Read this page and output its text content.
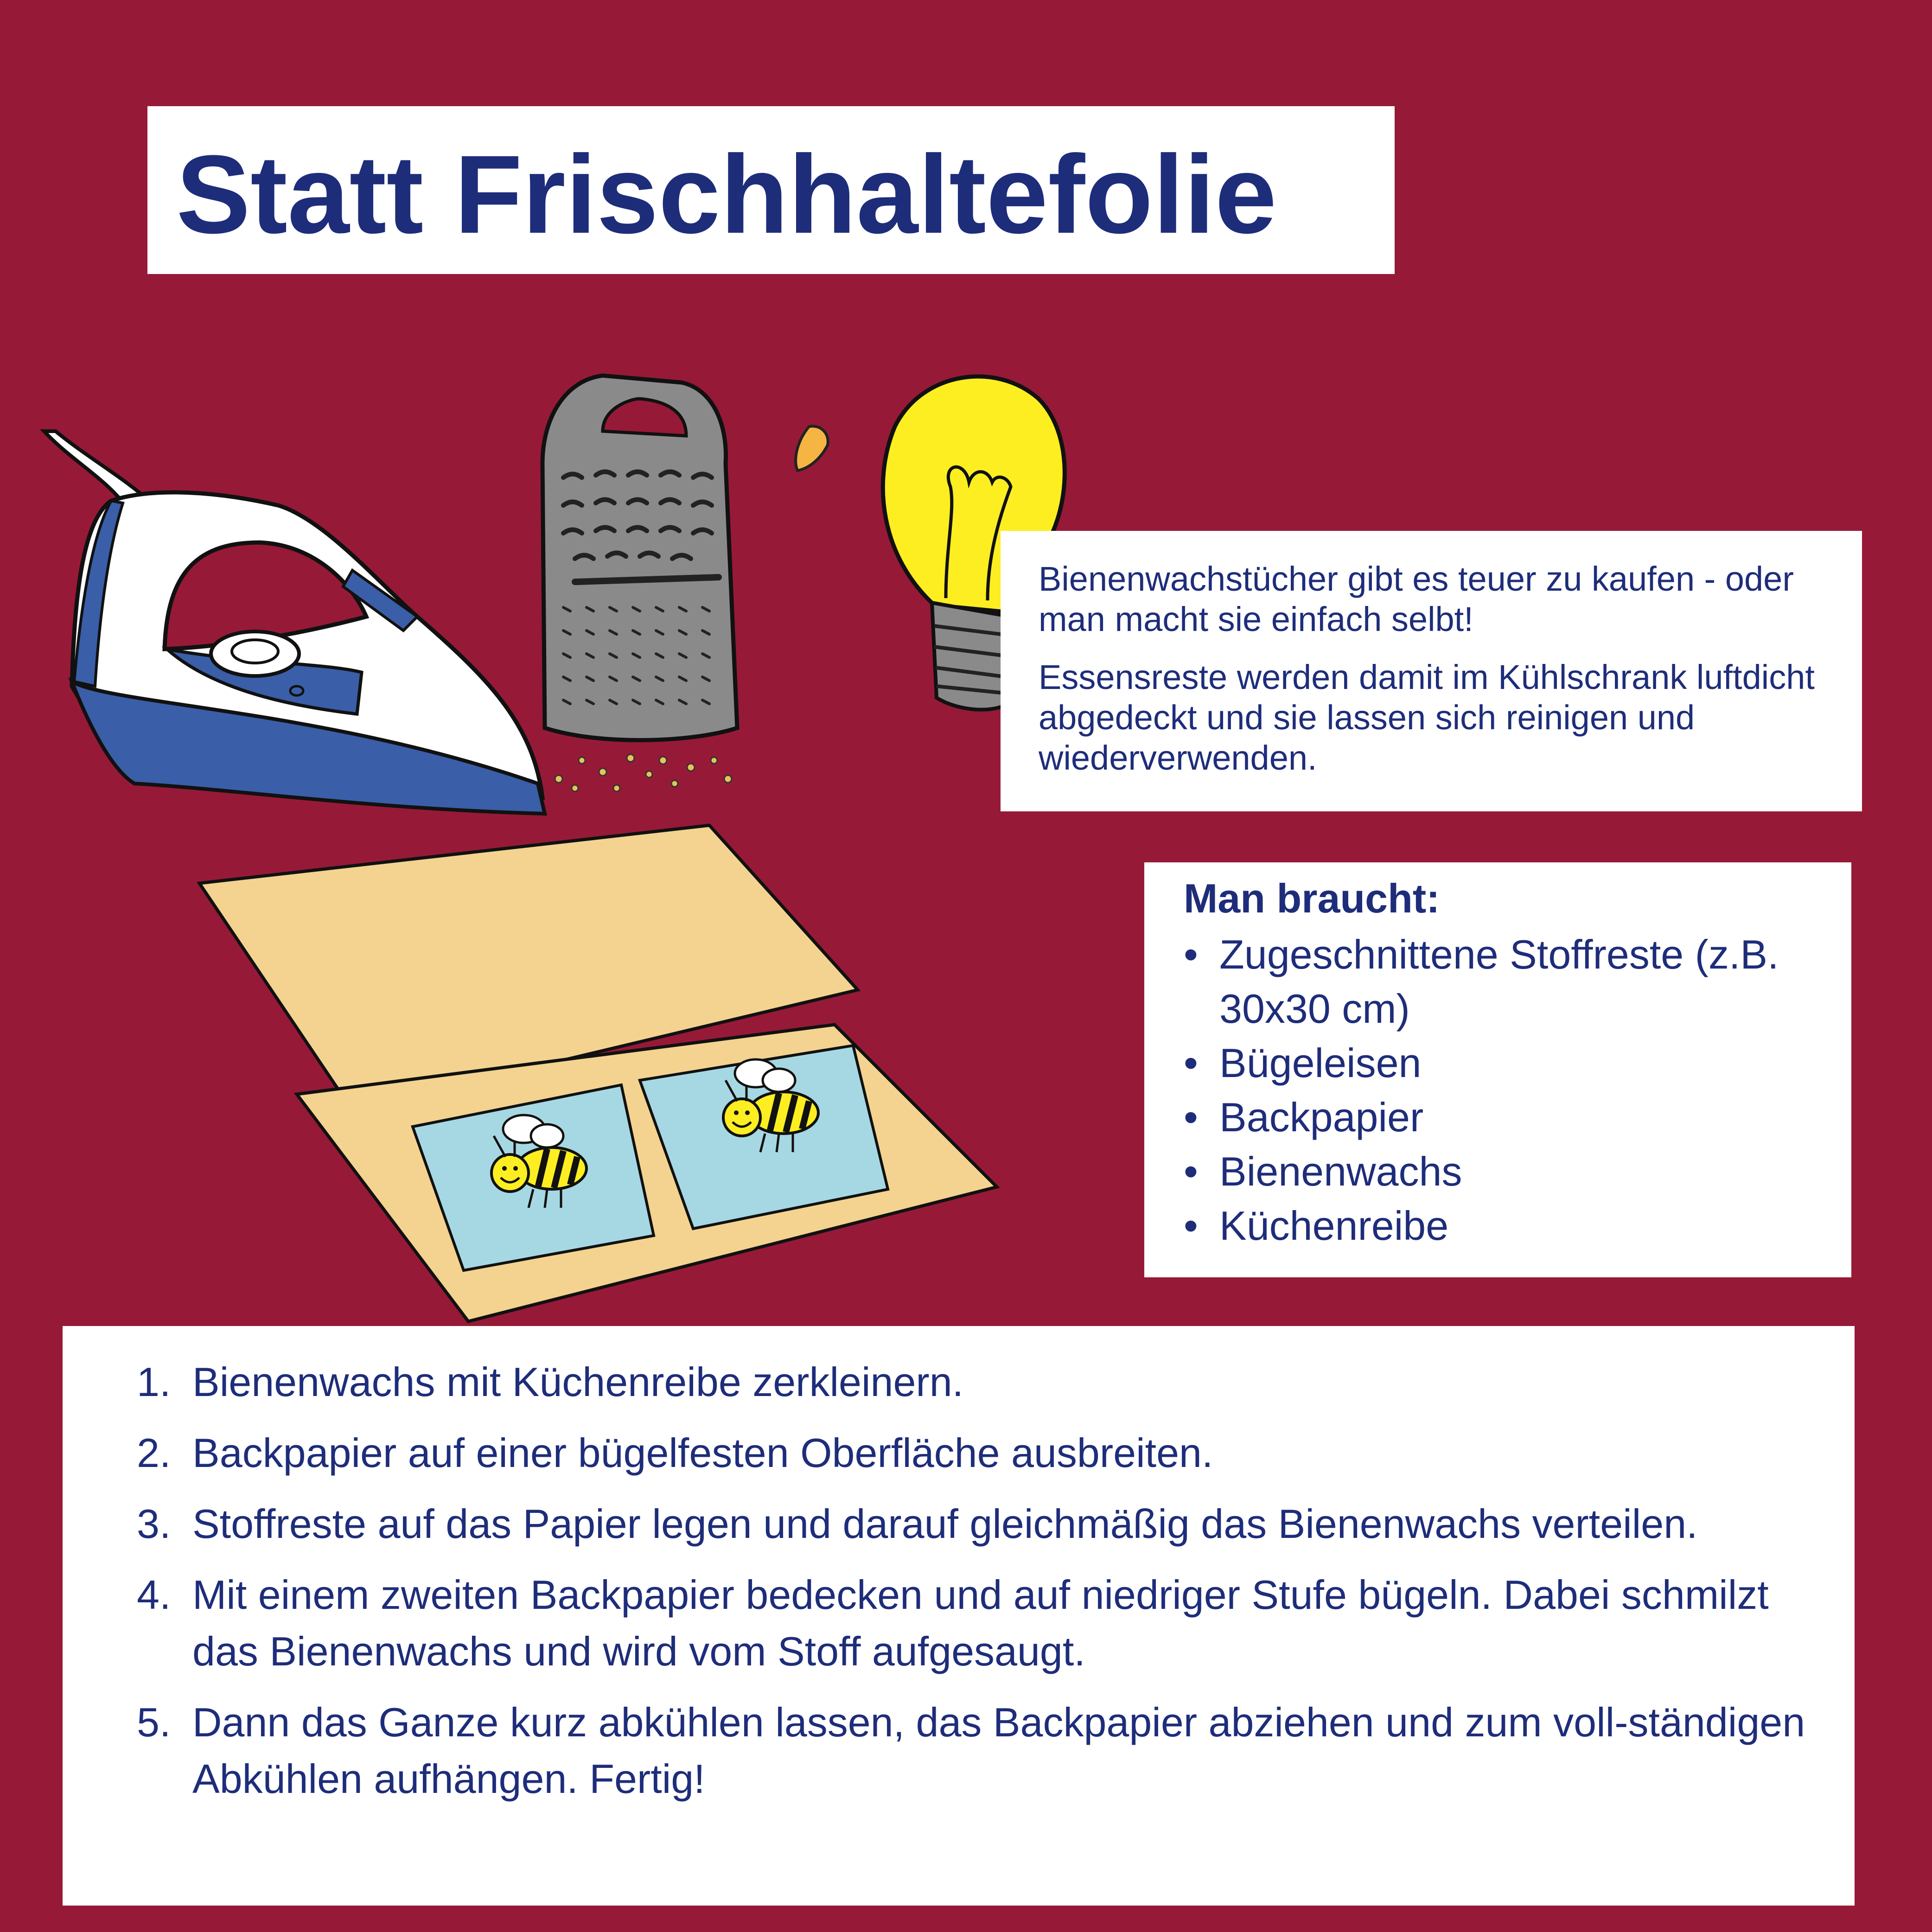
Statt Frischhaltefolie

Bienenwachstücher gibt es teuer zu kaufen - oder man macht sie einfach selbt!

Essensreste werden damit im Kühlschrank luftdicht abgedeckt und sie lassen sich reinigen und wiederverwenden.

Man braucht:
• Zugeschnittene Stoffreste (z.B. 30x30 cm)
• Bügeleisen
• Backpapier
• Bienenwachs
• Küchenreibe
Bienenwachs mit Küchenreibe zerkleinern.
Backpapier auf einer bügelfesten Oberfläche ausbreiten.
Stoffreste auf das Papier legen und darauf gleichmäßig das Bienenwachs verteilen.
Mit einem zweiten Backpapier bedecken und auf niedriger Stufe bügeln. Dabei schmilzt das Bienenwachs und wird vom Stoff aufgesaugt.
Dann das Ganze kurz abkühlen lassen, das Backpapier abziehen und zum voll-ständigen Abkühlen aufhängen. Fertig!
